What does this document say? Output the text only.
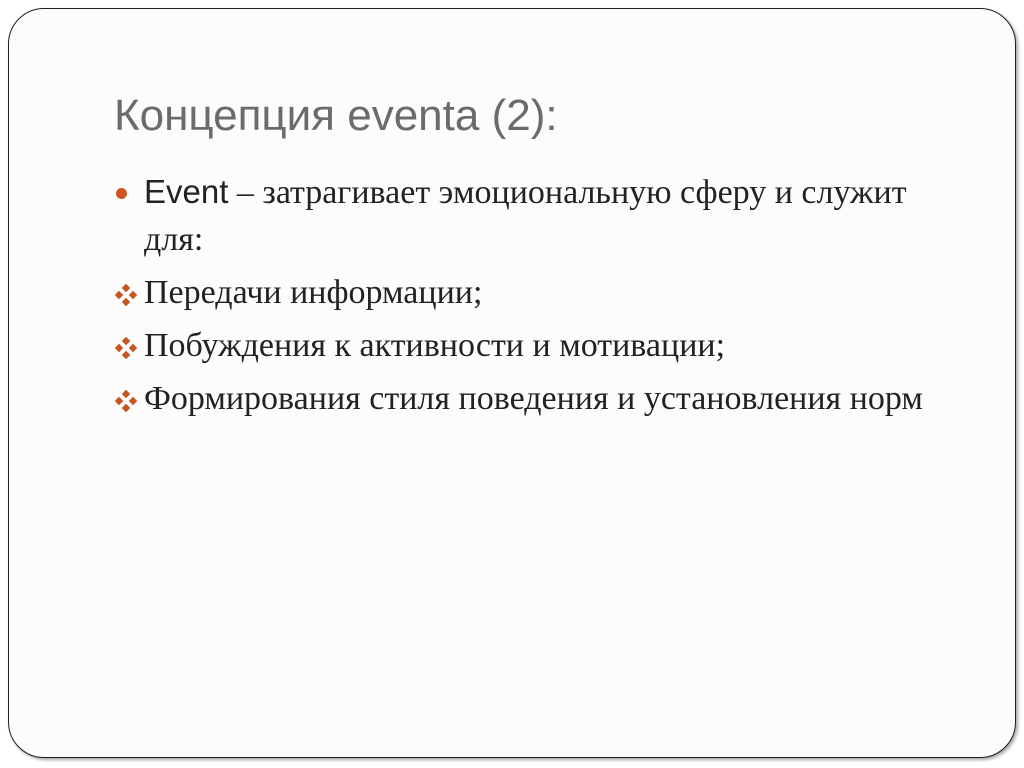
Концепция eventa (2):
Event – затрагивает эмоциональную сферу и служит для:
Передачи информации;
Побуждения к активности и мотивации;
Формирования стиля поведения и установления норм
